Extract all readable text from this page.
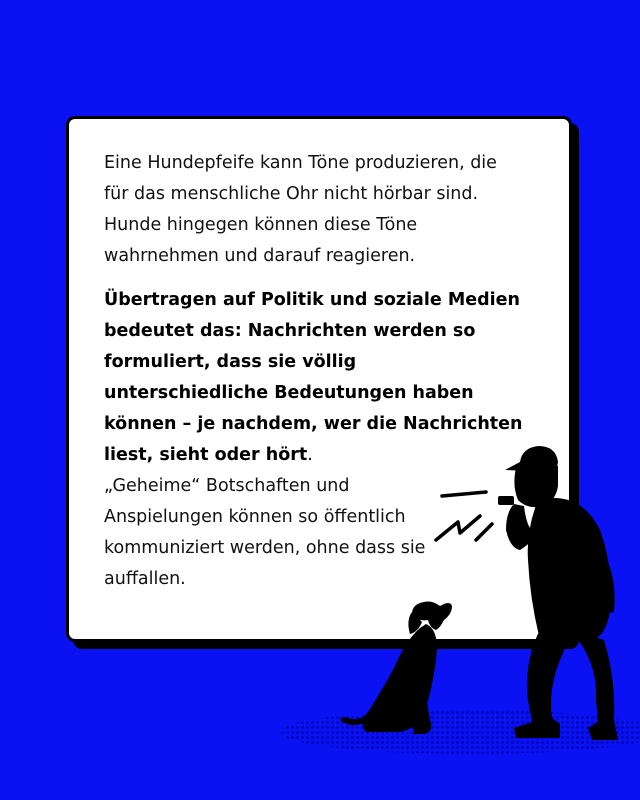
Eine Hundepfeife kann Töne produzieren, die für das menschliche Ohr nicht hörbar sind. Hunde hingegen können diese Töne wahrnehmen und darauf reagieren.

Übertragen auf Politik und soziale Medien bedeutet das: Nachrichten werden so formuliert, dass sie völlig unterschiedliche Bedeutungen haben können – je nachdem, wer die Nachrichten liest, sieht oder hört.

„Geheime“ Botschaften und Anspielungen können so öffentlich kommuniziert werden, ohne dass sie auffallen.
